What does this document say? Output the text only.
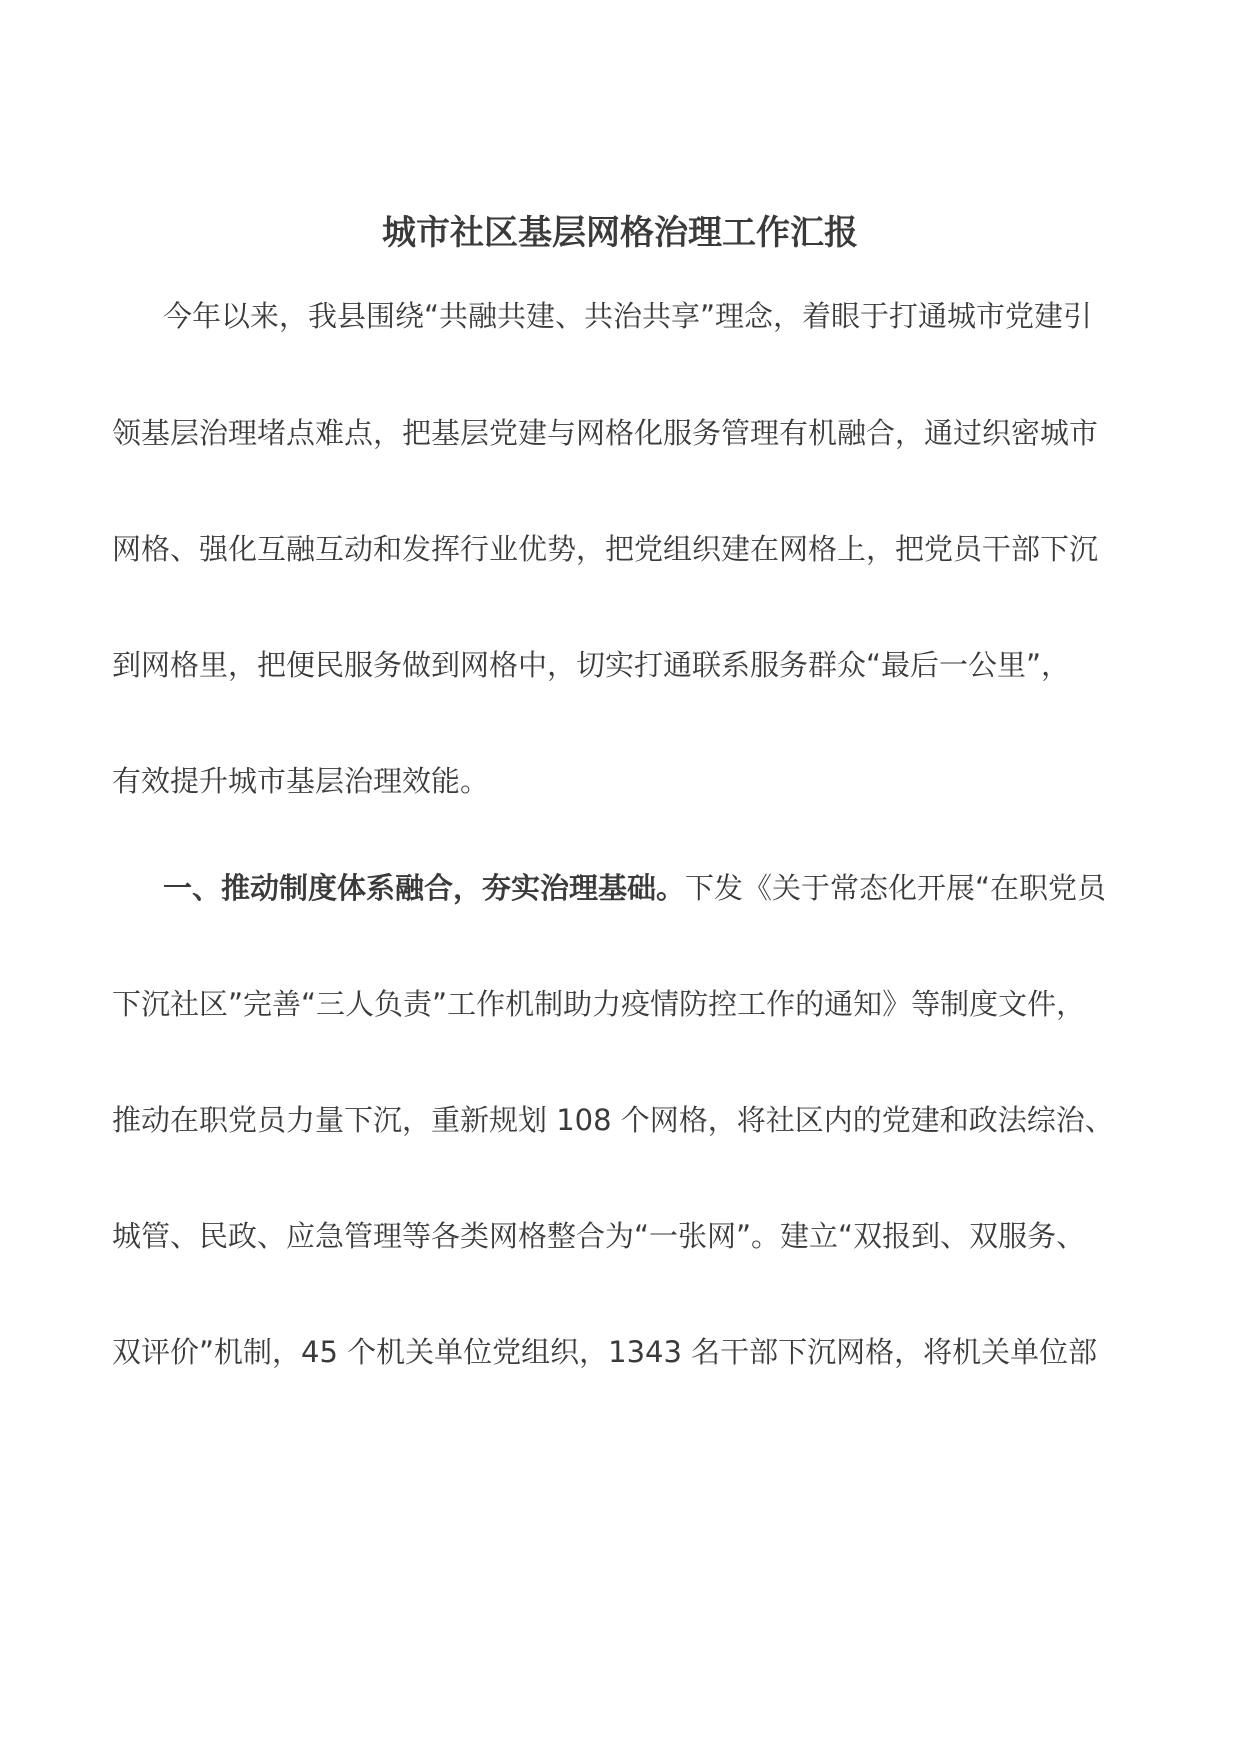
城市社区基层网格治理工作汇报
今年以来，我县围绕“共融共建、共治共享”理念，着眼于打通城市党建引
领基层治理堵点难点，把基层党建与网格化服务管理有机融合，通过织密城市
网格、强化互融互动和发挥行业优势，把党组织建在网格上，把党员干部下沉
到网格里，把便民服务做到网格中，切实打通联系服务群众“最后一公里”，
有效提升城市基层治理效能。
一、推动制度体系融合，夯实治理基础。下发《关于常态化开展“在职党员
下沉社区”完善“三人负责”工作机制助力疫情防控工作的通知》等制度文件，
推动在职党员力量下沉，重新规划 108 个网格，将社区内的党建和政法综治、
城管、民政、应急管理等各类网格整合为“一张网”。建立“双报到、双服务、
双评价”机制，45 个机关单位党组织，1343 名干部下沉网格，将机关单位部
